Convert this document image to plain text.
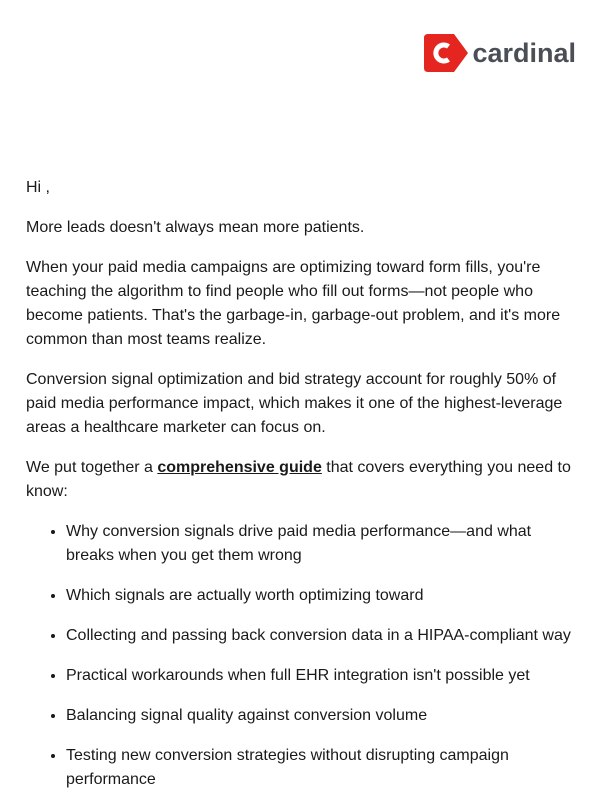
cardinal

Hi ,

More leads doesn't always mean more patients.

When your paid media campaigns are optimizing toward form fills, you're teaching the algorithm to find people who fill out forms—not people who become patients. That's the garbage-in, garbage-out problem, and it's more common than most teams realize.

Conversion signal optimization and bid strategy account for roughly 50% of paid media performance impact, which makes it one of the highest-leverage areas a healthcare marketer can focus on.

We put together a comprehensive guide that covers everything you need to know:

• Why conversion signals drive paid media performance—and what breaks when you get them wrong
• Which signals are actually worth optimizing toward
• Collecting and passing back conversion data in a HIPAA-compliant way
• Practical workarounds when full EHR integration isn't possible yet
• Balancing signal quality against conversion volume
• Testing new conversion strategies without disrupting campaign performance
